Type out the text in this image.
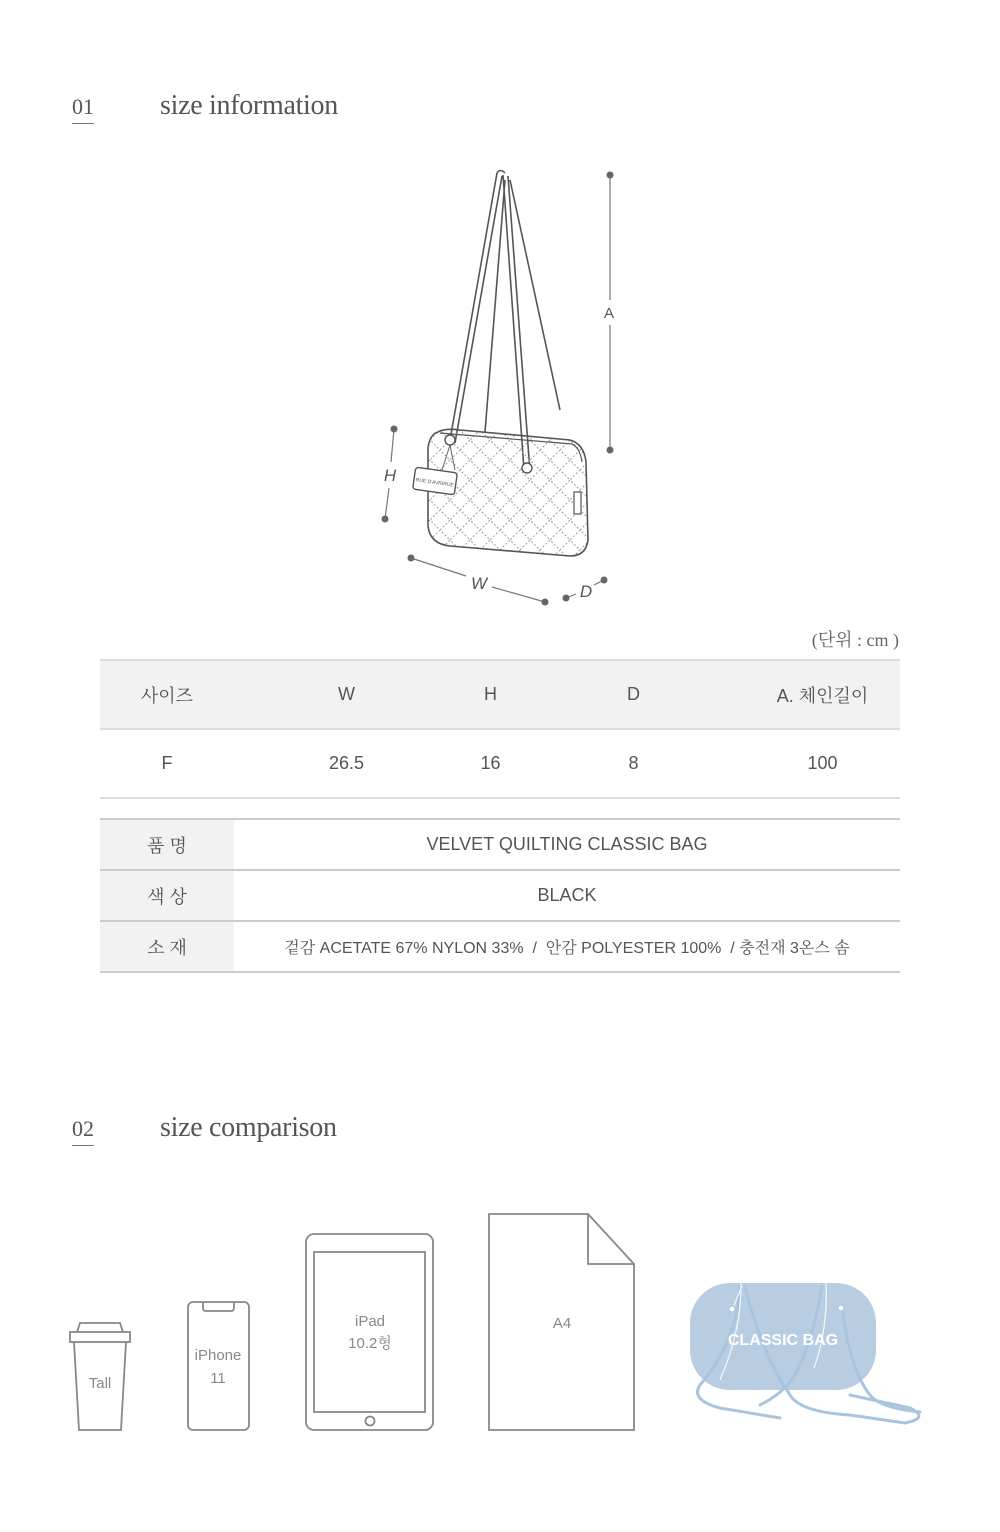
01 size information
RUE D'AVRIRUE
A
H
W	D
(단위 : cm )
사이즈	W	H	D	A. 체인길이
F	26.5	16	8	100
품 명	VELVET QUILTING CLASSIC BAG
색 상	BLACK
소 재	겉감 ACETATE 67% NYLON 33%  /  안감 POLYESTER 100%  / 충전재 3온스 솜
02 size comparison
Tall
iPhone
11
iPad
10.2형
A4
CLASSIC BAG
